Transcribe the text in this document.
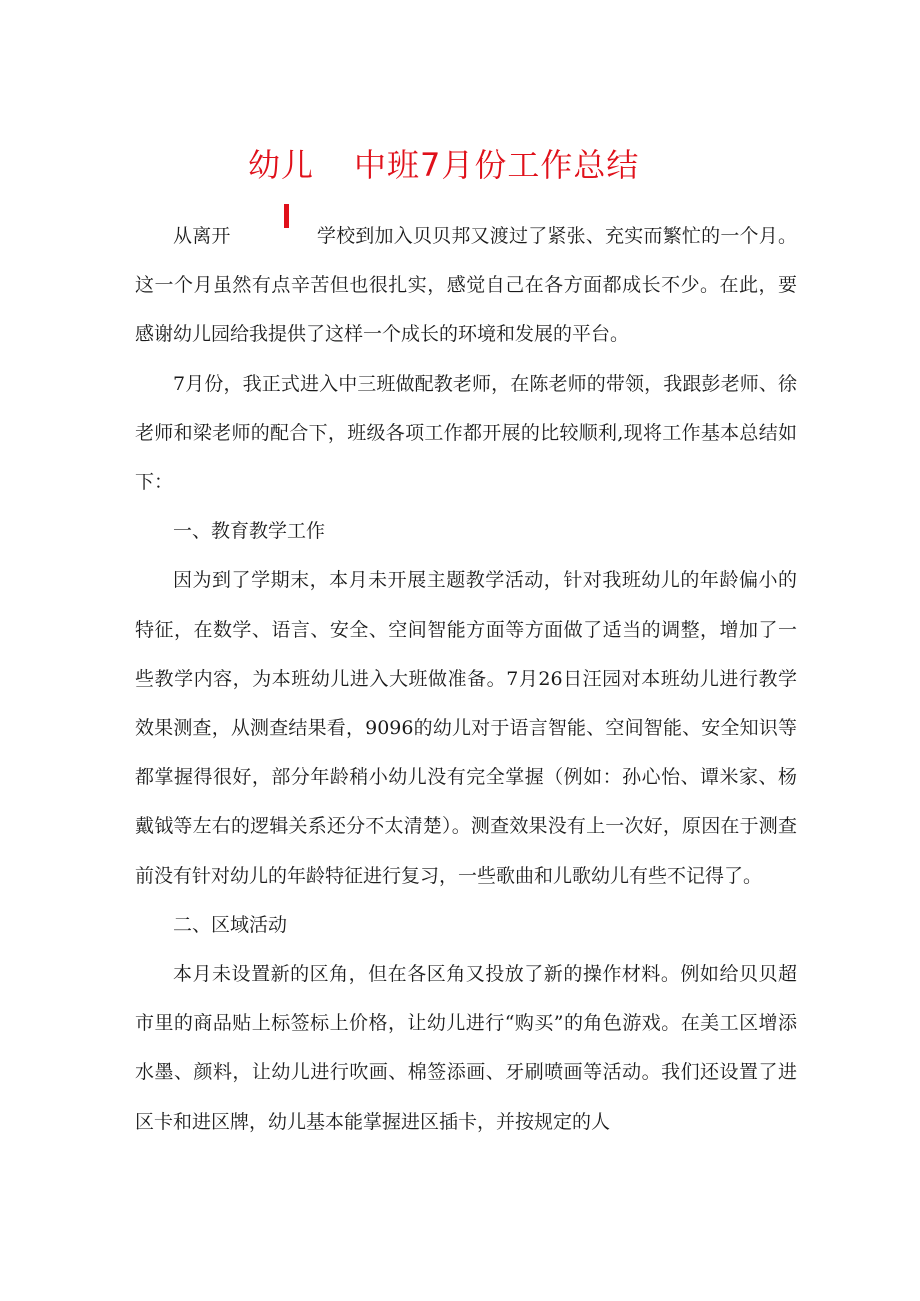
幼儿 中班7月份工作总结

从离开	学校到加入贝贝邦又渡过了紧张、充实而繁忙的一个月。这一个月虽然有点辛苦但也很扎实，感觉自己在各方面都成长不少。在此，要感谢幼儿园给我提供了这样一个成长的环境和发展的平台。

7月份，我正式进入中三班做配教老师，在陈老师的带领，我跟彭老师、徐老师和梁老师的配合下，班级各项工作都开展的比较顺利,现将工作基本总结如下：

一、教育教学工作

因为到了学期末，本月未开展主题教学活动，针对我班幼儿的年龄偏小的特征，在数学、语言、安全、空间智能方面等方面做了适当的调整，增加了一些教学内容，为本班幼儿进入大班做准备。7月26日汪园对本班幼儿进行教学效果测查，从测查结果看，9096的幼儿对于语言智能、空间智能、安全知识等都掌握得很好，部分年龄稍小幼儿没有完全掌握（例如：孙心怡、谭米家、杨戴钺等左右的逻辑关系还分不太清楚）。测查效果没有上一次好，原因在于测查前没有针对幼儿的年龄特征进行复习，一些歌曲和儿歌幼儿有些不记得了。

二、区域活动

本月未设置新的区角，但在各区角又投放了新的操作材料。例如给贝贝超市里的商品贴上标签标上价格，让幼儿进行“购买”的角色游戏。在美工区增添水墨、颜料，让幼儿进行吹画、棉签添画、牙刷喷画等活动。我们还设置了进区卡和进区牌，幼儿基本能掌握进区插卡，并按规定的人
